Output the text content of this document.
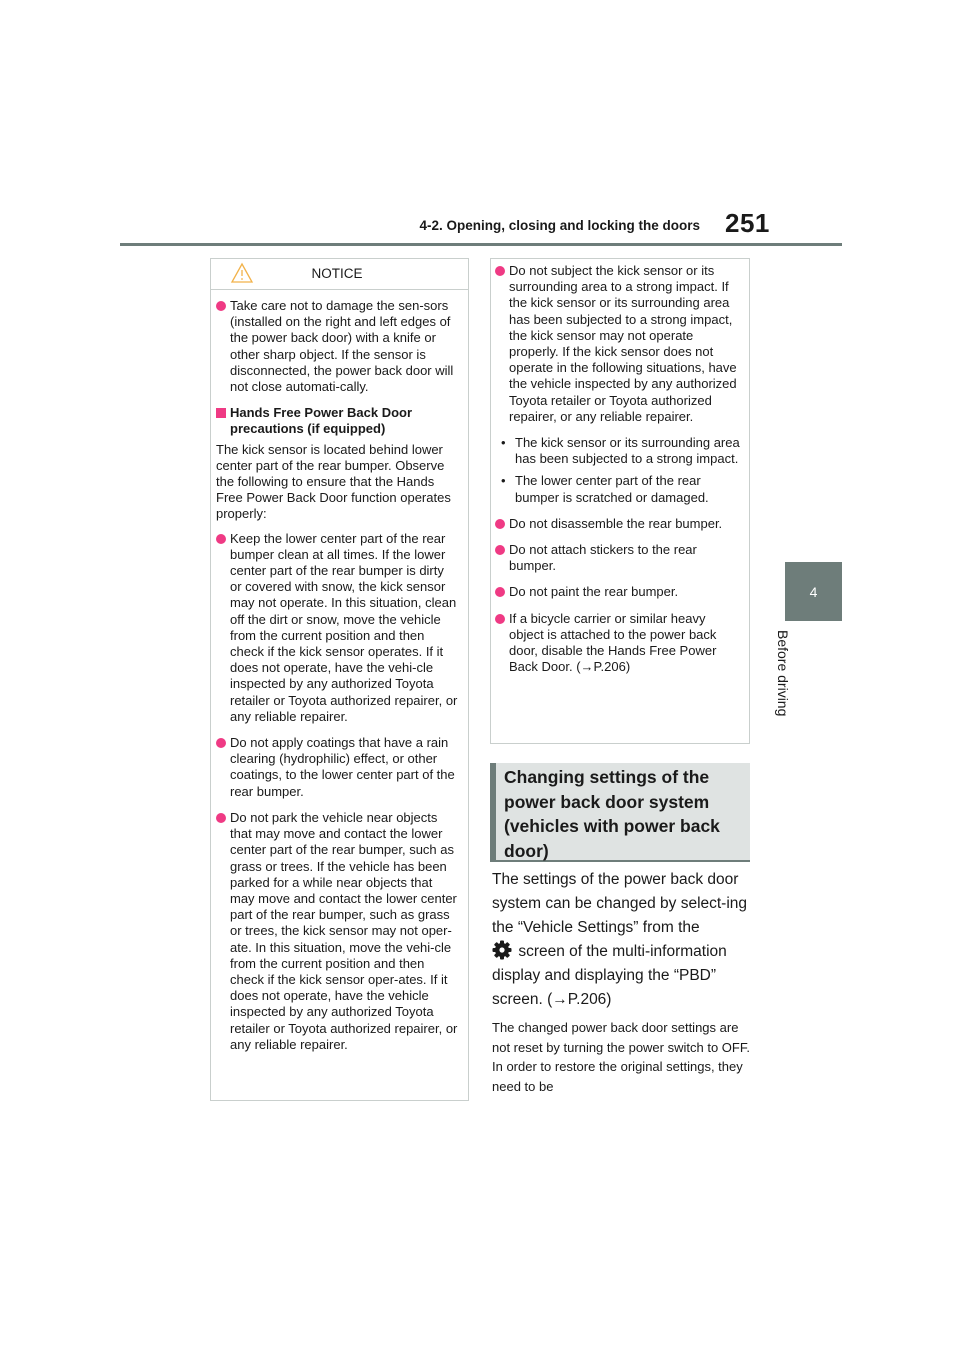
4-2. Opening, closing and locking the doors 251
4
Before driving
NOTICE

Take care not to damage the sen-sors (installed on the right and left edges of the power back door) with a knife or other sharp object. If the sensor is disconnected, the power back door will not close automati-cally.

Hands Free Power Back Door precautions (if equipped)

The kick sensor is located behind lower center part of the rear bumper. Observe the following to ensure that the Hands Free Power Back Door function operates properly:

Keep the lower center part of the rear bumper clean at all times. If the lower center part of the rear bumper is dirty or covered with snow, the kick sensor may not operate. In this situation, clean off the dirt or snow, move the vehicle from the current position and then check if the kick sensor operates. If it does not operate, have the vehi-cle inspected by any authorized Toyota retailer or Toyota authorized repairer, or any reliable repairer.

Do not apply coatings that have a rain clearing (hydrophilic) effect, or other coatings, to the lower center part of the rear bumper.

Do not park the vehicle near objects that may move and contact the lower center part of the rear bumper, such as grass or trees. If the vehicle has been parked for a while near objects that may move and contact the lower center part of the rear bumper, such as grass or trees, the kick sensor may not oper-ate. In this situation, move the vehi-cle from the current position and then check if the kick sensor oper-ates. If it does not operate, have the vehicle inspected by any authorized Toyota retailer or Toyota authorized repairer, or any reliable repairer.

Do not subject the kick sensor or its surrounding area to a strong impact. If the kick sensor or its surrounding area has been subjected to a strong impact, the kick sensor may not operate properly. If the kick sensor does not operate in the following situations, have the vehicle inspected by any authorized Toyota retailer or Toyota authorized repairer, or any reliable repairer.

• The kick sensor or its surrounding area has been subjected to a strong impact.
• The lower center part of the rear bumper is scratched or damaged.

Do not disassemble the rear bumper.

Do not attach stickers to the rear bumper.

Do not paint the rear bumper.

If a bicycle carrier or similar heavy object is attached to the power back door, disable the Hands Free Power Back Door. (→P.206)

Changing settings of the power back door system (vehicles with power back door)

The settings of the power back door system can be changed by select-ing the “Vehicle Settings” from the
screen of the multi-information display and displaying the “PBD” screen. (→P.206)

The changed power back door settings are not reset by turning the power switch to OFF. In order to restore the original settings, they need to be
